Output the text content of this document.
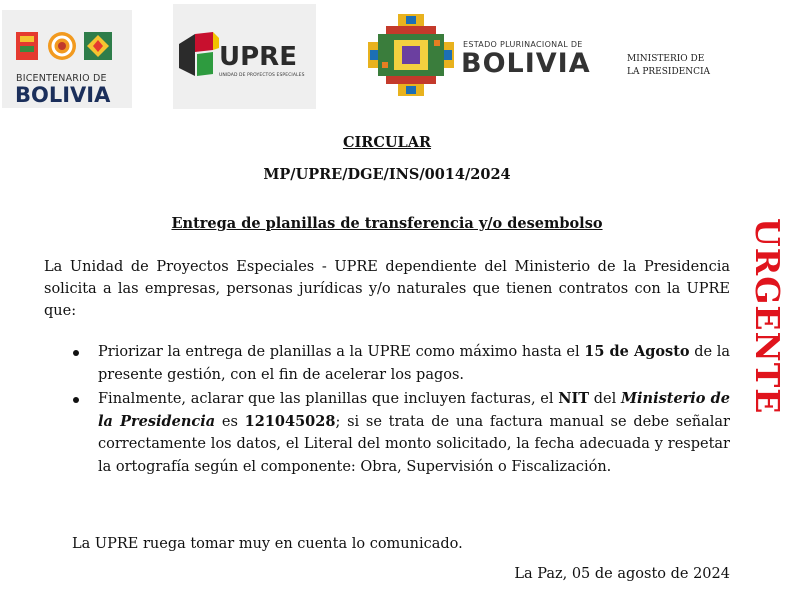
BICENTENARIO DE
BOLIVIA
UPRE
UNIDAD DE PROYECTOS ESPECIALES
ESTADO PLURINACIONAL DE
BOLIVIA	MINISTERIO DE
LA PRESIDENCIA
CIRCULAR
MP/UPRE/DGE/INS/0014/2024
Entrega de planillas de transferencia y/o desembolso
La Unidad de Proyectos Especiales - UPRE dependiente del Ministerio de la Presidencia solicita a las empresas, personas jurídicas y/o naturales que tienen contratos con la UPRE que:
Priorizar la entrega de planillas a la UPRE como máximo hasta el 15 de Agosto de la presente gestión, con el fin de acelerar los pagos.
Finalmente, aclarar que las planillas que incluyen facturas, el NIT del Ministerio de la Presidencia es 121045028; si se trata de una factura manual se debe señalar correctamente los datos, el Literal del monto solicitado, la fecha adecuada y respetar la ortografía según el componente: Obra, Supervisión o Fiscalización.
La UPRE ruega tomar muy en cuenta lo comunicado.
La Paz, 05 de agosto de 2024
URGENTE
